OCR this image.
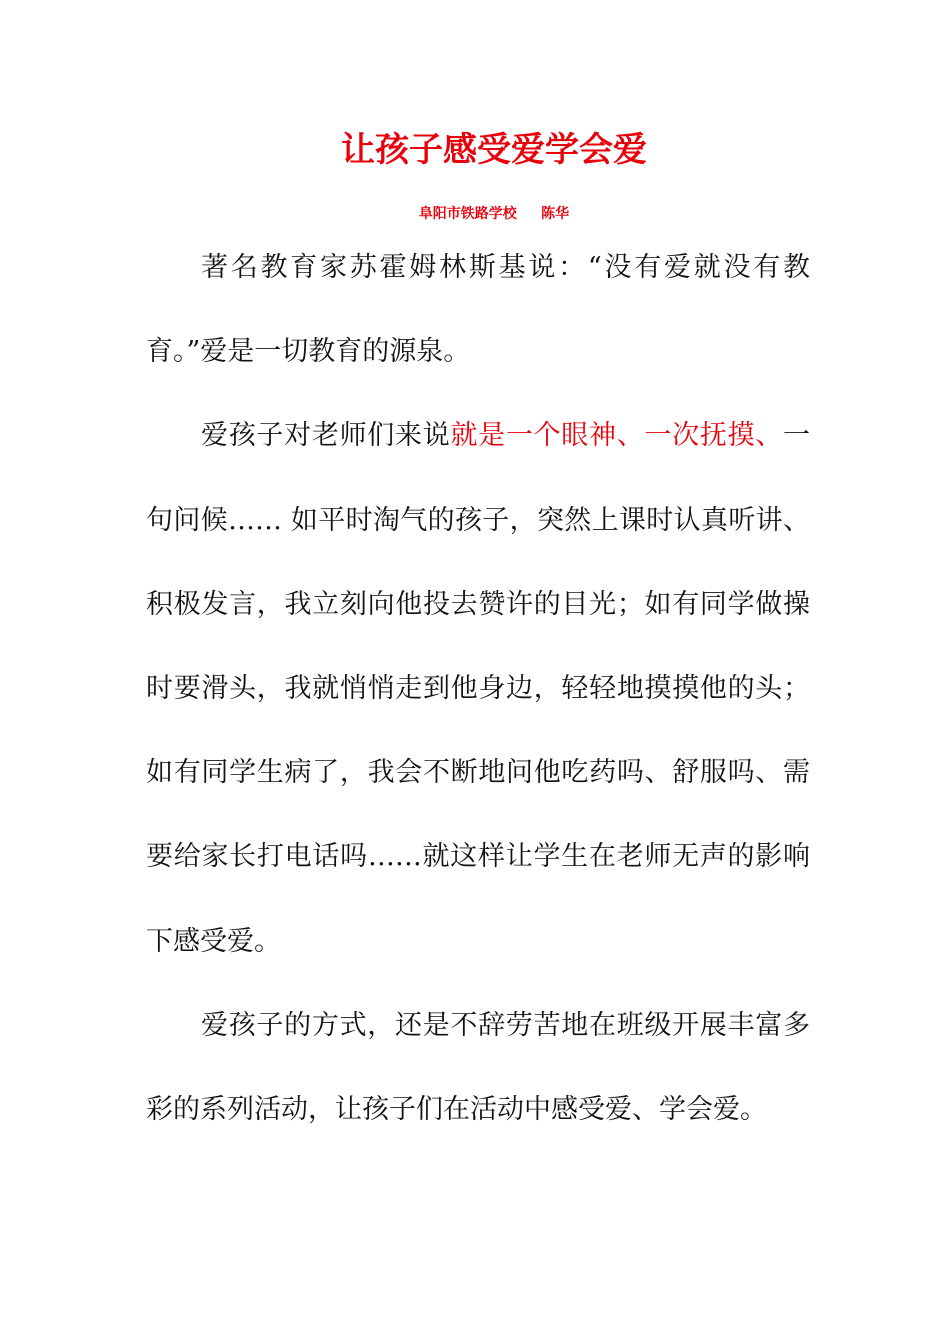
让孩子感受爱学会爱
阜阳市铁路学校     陈华

著名教育家苏霍姆林斯基说：“没有爱就没有教育。”爱是一切教育的源泉。

爱孩子对老师们来说就是一个眼神、一次抚摸、一句问候…… 如平时淘气的孩子，突然上课时认真听讲、积极发言，我立刻向他投去赞许的目光；如有同学做操时要滑头，我就悄悄走到他身边，轻轻地摸摸他的头；如有同学生病了，我会不断地问他吃药吗、舒服吗、需要给家长打电话吗……就这样让学生在老师无声的影响下感受爱。

爱孩子的方式，还是不辞劳苦地在班级开展丰富多彩的系列活动，让孩子们在活动中感受爱、学会爱。
